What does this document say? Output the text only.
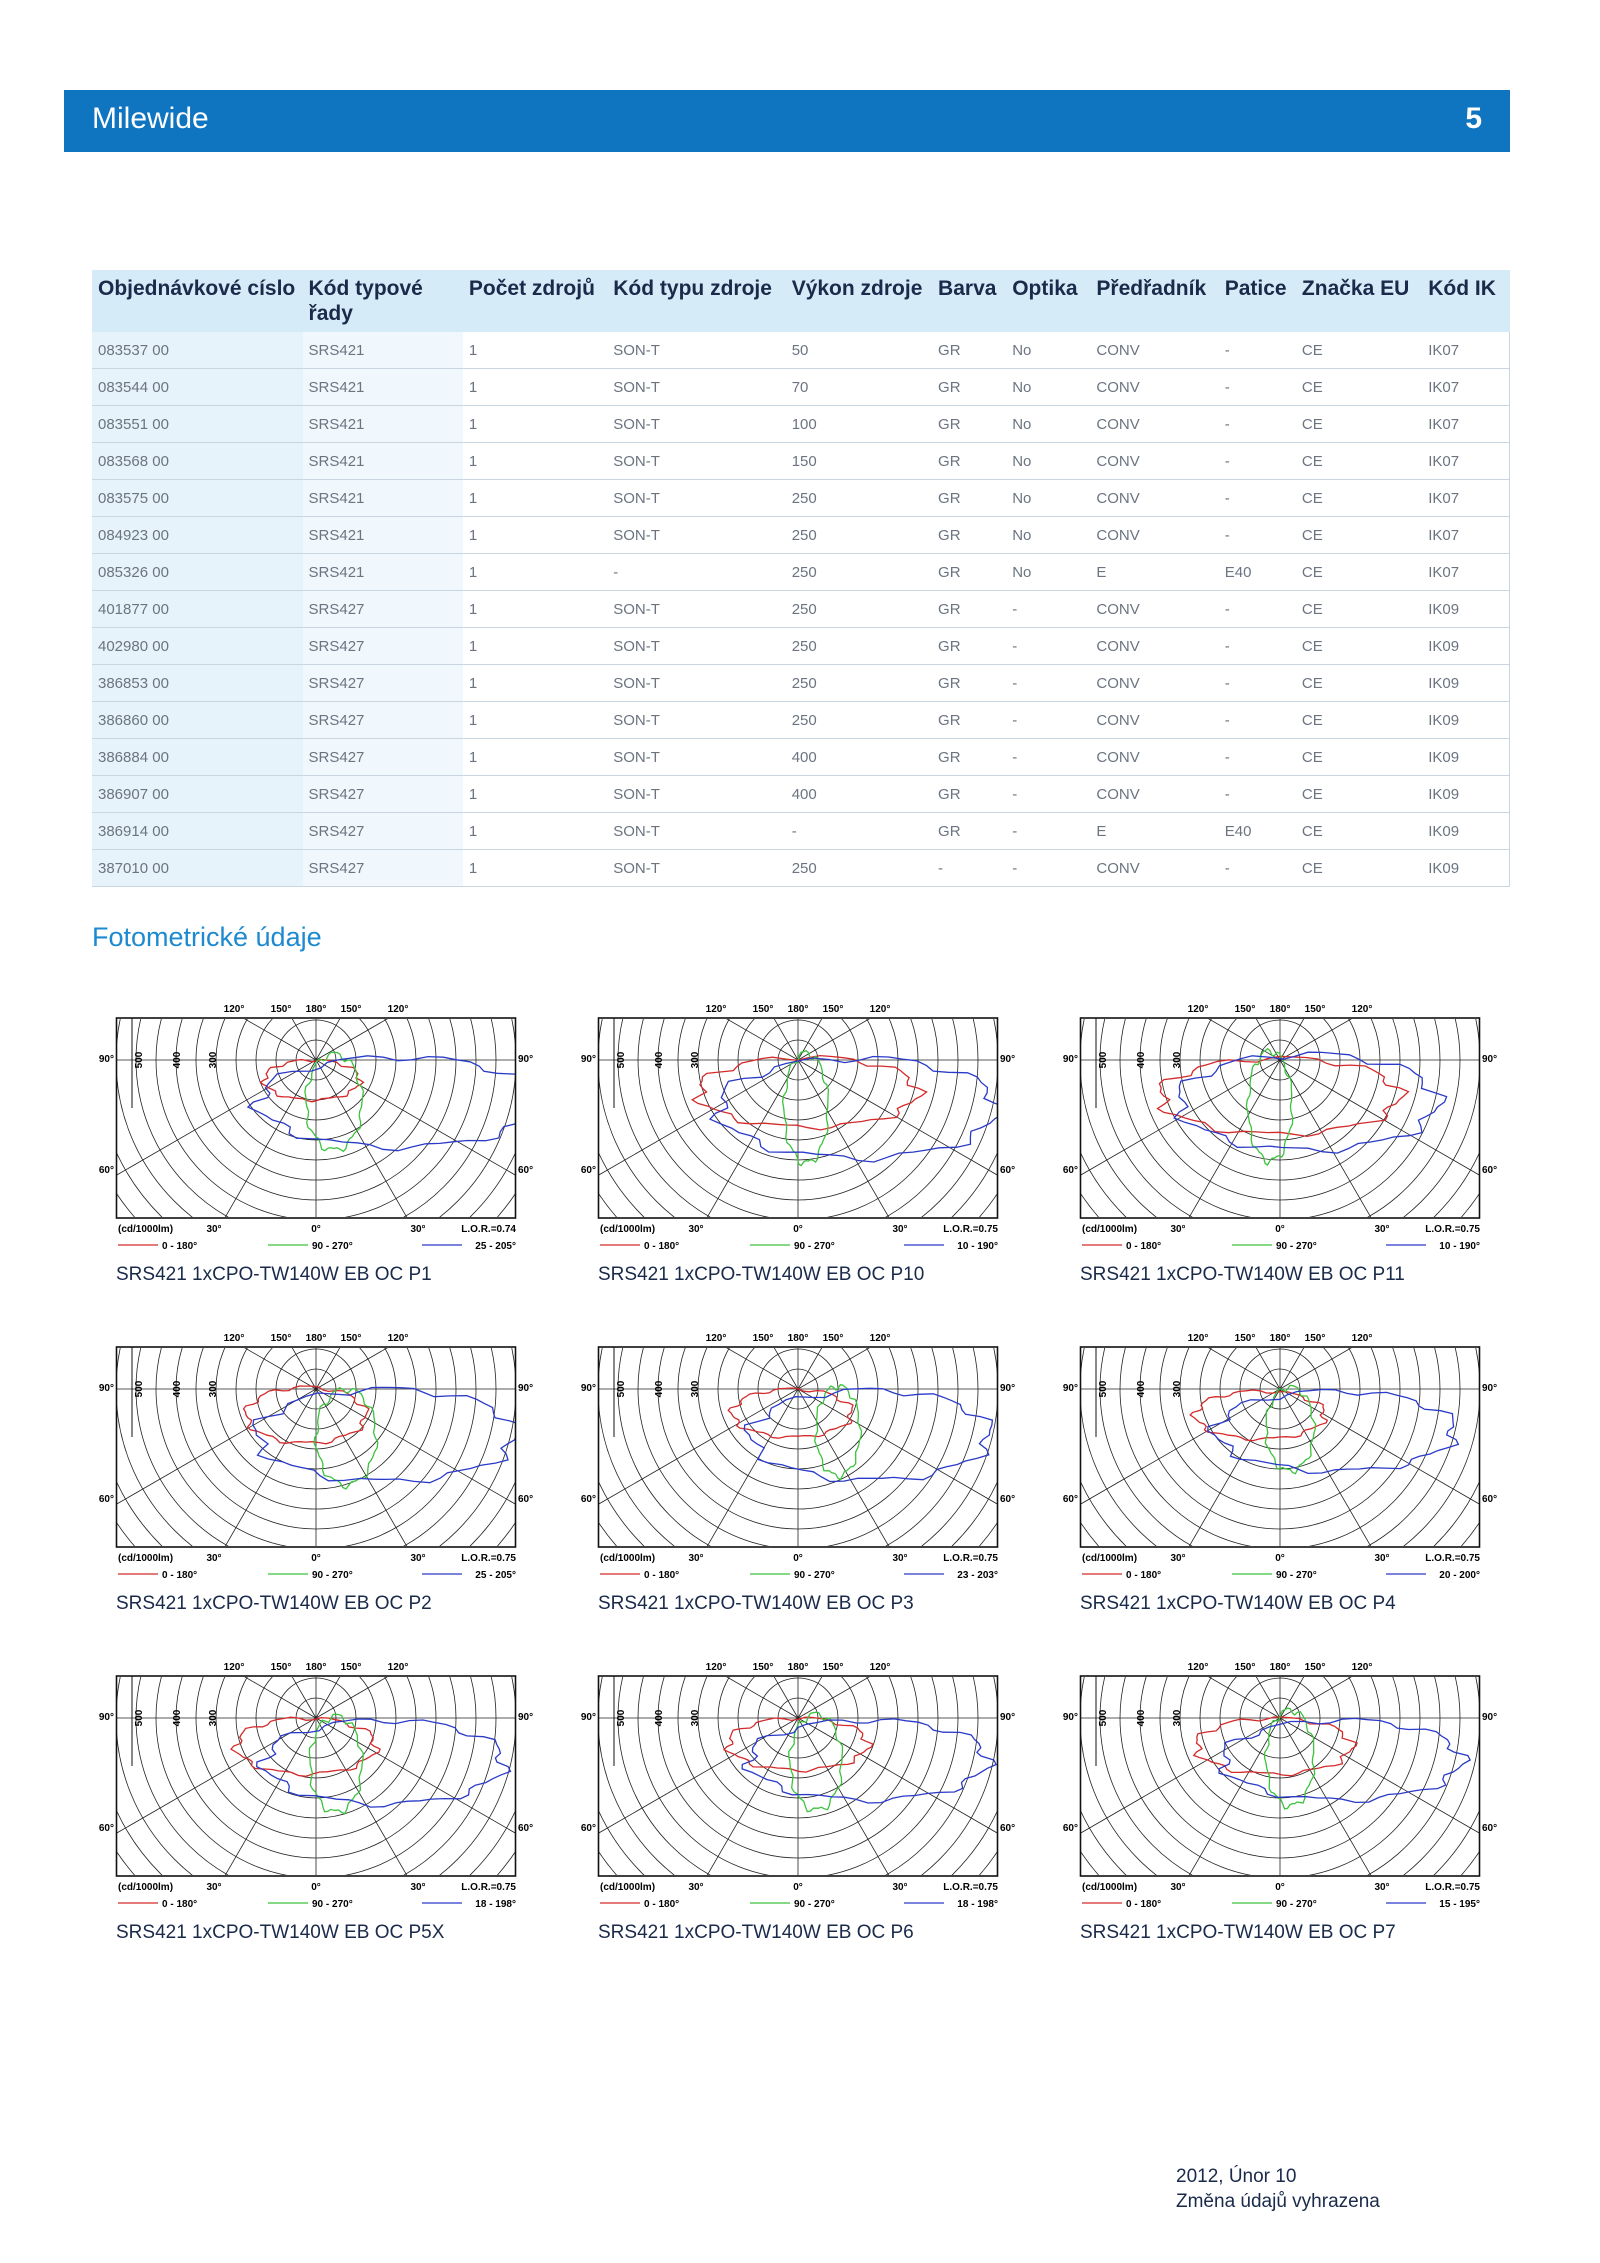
Milewide	5
Objednávkové císlo	Kód typové řady	Počet zdrojů	Kód typu zdroje	Výkon zdroje	Barva	Optika	Předřadník	Patice	Značka EU	Kód IK
083537 00	SRS421	1	SON-T	50	GR	No	CONV	-	CE	IK07
083544 00	SRS421	1	SON-T	70	GR	No	CONV	-	CE	IK07
083551 00	SRS421	1	SON-T	100	GR	No	CONV	-	CE	IK07
083568 00	SRS421	1	SON-T	150	GR	No	CONV	-	CE	IK07
083575 00	SRS421	1	SON-T	250	GR	No	CONV	-	CE	IK07
084923 00	SRS421	1	SON-T	250	GR	No	CONV	-	CE	IK07
085326 00	SRS421	1	-	250	GR	No	E	E40	CE	IK07
401877 00	SRS427	1	SON-T	250	GR	-	CONV	-	CE	IK09
402980 00	SRS427	1	SON-T	250	GR	-	CONV	-	CE	IK09
386853 00	SRS427	1	SON-T	250	GR	-	CONV	-	CE	IK09
386860 00	SRS427	1	SON-T	250	GR	-	CONV	-	CE	IK09
386884 00	SRS427	1	SON-T	400	GR	-	CONV	-	CE	IK09
386907 00	SRS427	1	SON-T	400	GR	-	CONV	-	CE	IK09
386914 00	SRS427	1	SON-T	-	GR	-	E	E40	CE	IK09
387010 00	SRS427	1	SON-T	250	-	-	CONV	-	CE	IK09
Fotometrické údaje
120°	150° 180° 150°	120°
90°	90°
60°	60°
500	400	300
(cd/1000lm)	30°	0°	30°	L.O.R.=0.74
0 - 180°	90 - 270°	25 - 205°
SRS421 1xCPO-TW140W EB OC P1
120°	150° 180° 150°	120°
90°	90°
60°	60°
500	400	300
(cd/1000lm)	30°	0°	30°	L.O.R.=0.75
0 - 180°	90 - 270°	10 - 190°
SRS421 1xCPO-TW140W EB OC P10
120°	150° 180° 150°	120°
90°	90°
60°	60°
500	400	300
(cd/1000lm)	30°	0°	30°	L.O.R.=0.75
0 - 180°	90 - 270°	10 - 190°
SRS421 1xCPO-TW140W EB OC P11
120°	150° 180° 150°	120°
90°	90°
60°	60°
500	400	300
(cd/1000lm)	30°	0°	30°	L.O.R.=0.75
0 - 180°	90 - 270°	25 - 205°
SRS421 1xCPO-TW140W EB OC P2
120°	150° 180° 150°	120°
90°	90°
60°	60°
500	400	300
(cd/1000lm)	30°	0°	30°	L.O.R.=0.75
0 - 180°	90 - 270°	23 - 203°
SRS421 1xCPO-TW140W EB OC P3
120°	150° 180° 150°	120°
90°	90°
60°	60°
500	400	300
(cd/1000lm)	30°	0°	30°	L.O.R.=0.75
0 - 180°	90 - 270°	20 - 200°
SRS421 1xCPO-TW140W EB OC P4
120°	150° 180° 150°	120°
90°	90°
60°	60°
500	400	300
(cd/1000lm)	30°	0°	30°	L.O.R.=0.75
0 - 180°	90 - 270°	18 - 198°
SRS421 1xCPO-TW140W EB OC P5X
120°	150° 180° 150°	120°
90°	90°
60°	60°
500	400	300
(cd/1000lm)	30°	0°	30°	L.O.R.=0.75
0 - 180°	90 - 270°	18 - 198°
SRS421 1xCPO-TW140W EB OC P6
120°	150° 180° 150°	120°
90°	90°
60°	60°
500	400	300
(cd/1000lm)	30°	0°	30°	L.O.R.=0.75
0 - 180°	90 - 270°	15 - 195°
SRS421 1xCPO-TW140W EB OC P7
2012, Únor 10
Změna údajů vyhrazena
